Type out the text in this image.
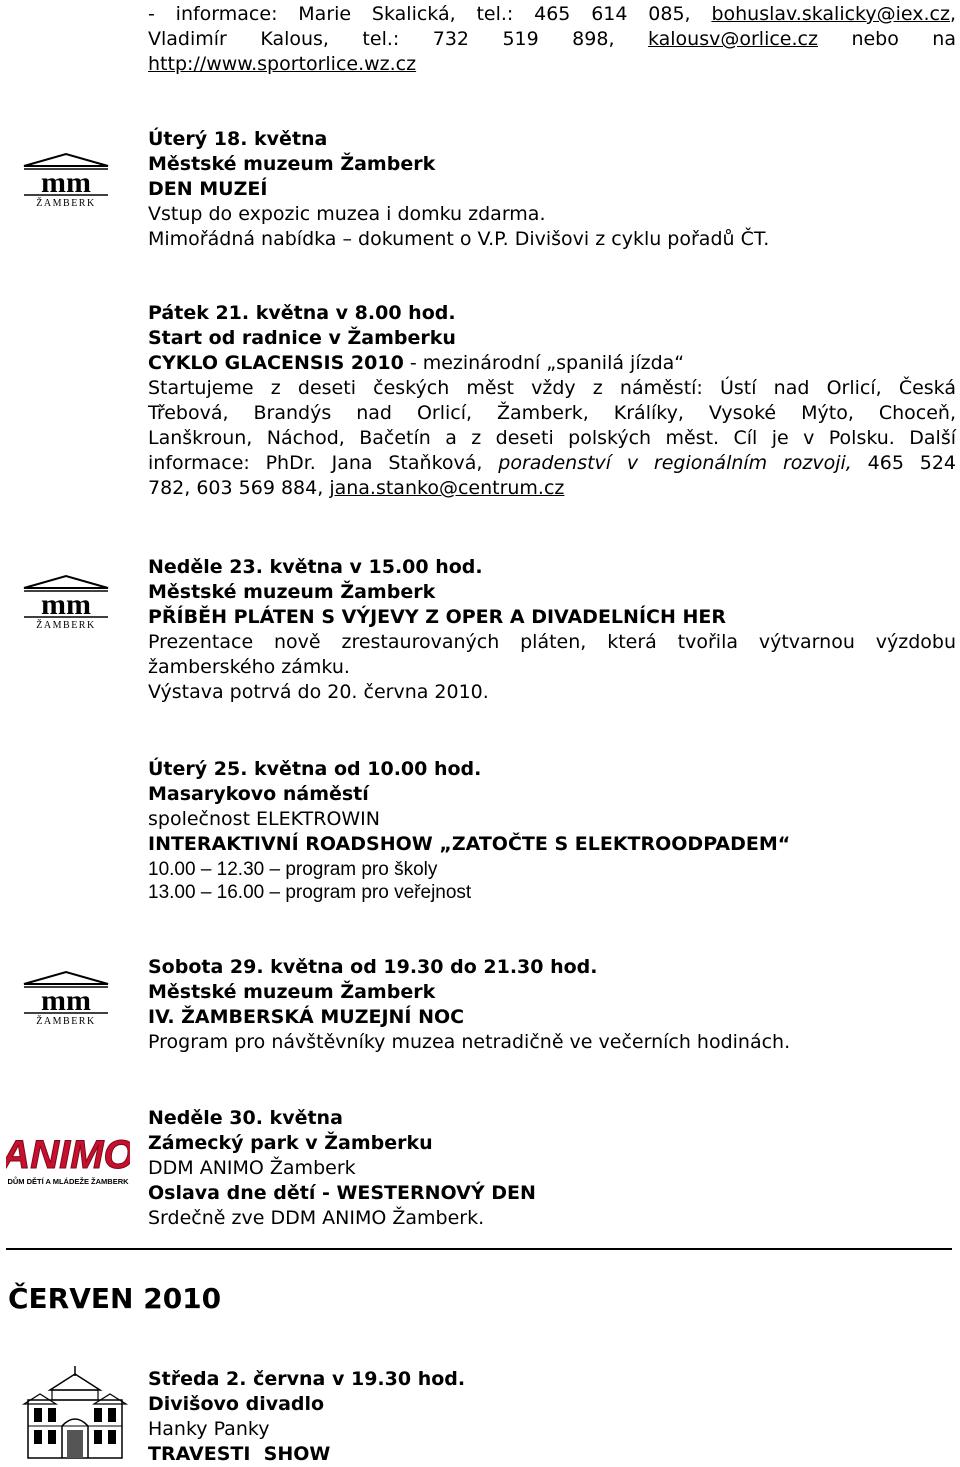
- informace: Marie Skalická, tel.: 465 614 085, bohuslav.skalicky@iex.cz,
Vladimír Kalous, tel.: 732 519 898, kalousv@orlice.cz nebo na
http://www.sportorlice.wz.cz
mm
ŽAMBERK
Úterý 18. května
Městské muzeum Žamberk
DEN MUZEÍ
Vstup do expozic muzea i domku zdarma.
Mimořádná nabídka – dokument o V.P. Divišovi z cyklu pořadů ČT.
Pátek 21. května v 8.00 hod.
Start od radnice v Žamberku
CYKLO GLACENSIS 2010 - mezinárodní „spanilá jízda“
Startujeme z deseti českých měst vždy z náměstí: Ústí nad Orlicí, Česká
Třebová, Brandýs nad Orlicí, Žamberk, Králíky, Vysoké Mýto, Choceň,
Lanškroun, Náchod, Bačetín a z deseti polských měst. Cíl je v Polsku. Další
informace: PhDr. Jana Staňková, poradenství v regionálním rozvoji, 465 524
782, 603 569 884, jana.stanko@centrum.cz
mm
ŽAMBERK
Neděle 23. května v 15.00 hod.
Městské muzeum Žamberk
PŘÍBĚH PLÁTEN S VÝJEVY Z OPER A DIVADELNÍCH HER
Prezentace nově zrestaurovaných pláten, která tvořila výtvarnou výzdobu
žamberského zámku.
Výstava potrvá do 20. června 2010.
Úterý 25. května od 10.00 hod.
Masarykovo náměstí
společnost ELEKTROWIN
INTERAKTIVNÍ ROADSHOW „ZATOČTE S ELEKTROODPADEM“
10.00 – 12.30 – program pro školy
13.00 – 16.00 – program pro veřejnost
mm
ŽAMBERK
Sobota 29. května od 19.30 do 21.30 hod.
Městské muzeum Žamberk
IV. ŽAMBERSKÁ MUZEJNÍ NOC
Program pro návštěvníky muzea netradičně ve večerních hodinách.
ANIMO
DŮM DĚTÍ A MLÁDEŽE ŽAMBERK
Neděle 30. května
Zámecký park v Žamberku
DDM ANIMO Žamberk
Oslava dne dětí - WESTERNOVÝ DEN
Srdečně zve DDM ANIMO Žamberk.
ČERVEN 2010
Středa 2. června v 19.30 hod.
Divišovo divadlo
Hanky Panky
TRAVESTI  SHOW
